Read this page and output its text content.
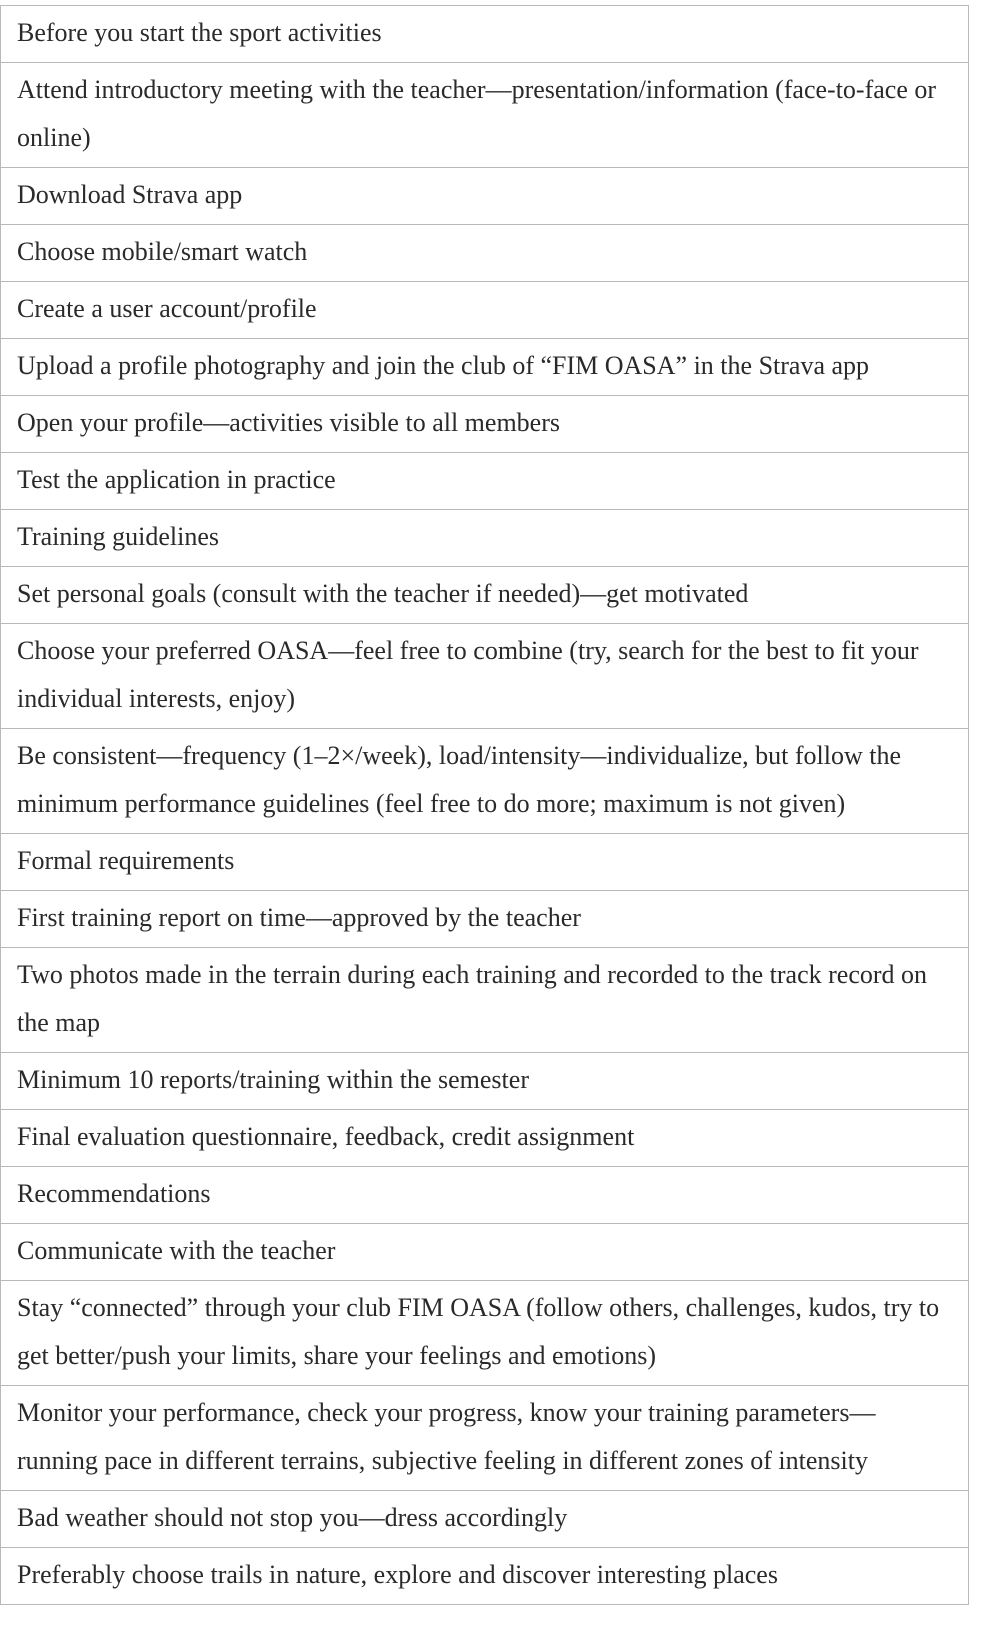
Before you start the sport activities
Attend introductory meeting with the teacher—presentation/information (face-to-face or online)
Download Strava app
Choose mobile/smart watch
Create a user account/profile
Upload a profile photography and join the club of “FIM OASA” in the Strava app
Open your profile—activities visible to all members
Test the application in practice
Training guidelines
Set personal goals (consult with the teacher if needed)—get motivated
Choose your preferred OASA—feel free to combine (try, search for the best to fit your individual interests, enjoy)
Be consistent—frequency (1–2×/week), load/intensity—individualize, but follow the minimum performance guidelines (feel free to do more; maximum is not given)
Formal requirements
First training report on time—approved by the teacher
Two photos made in the terrain during each training and recorded to the track record on the map
Minimum 10 reports/training within the semester
Final evaluation questionnaire, feedback, credit assignment
Recommendations
Communicate with the teacher
Stay “connected” through your club FIM OASA (follow others, challenges, kudos, try to get better/push your limits, share your feelings and emotions)
Monitor your performance, check your progress, know your training parameters—running pace in different terrains, subjective feeling in different zones of intensity
Bad weather should not stop you—dress accordingly
Preferably choose trails in nature, explore and discover interesting places
